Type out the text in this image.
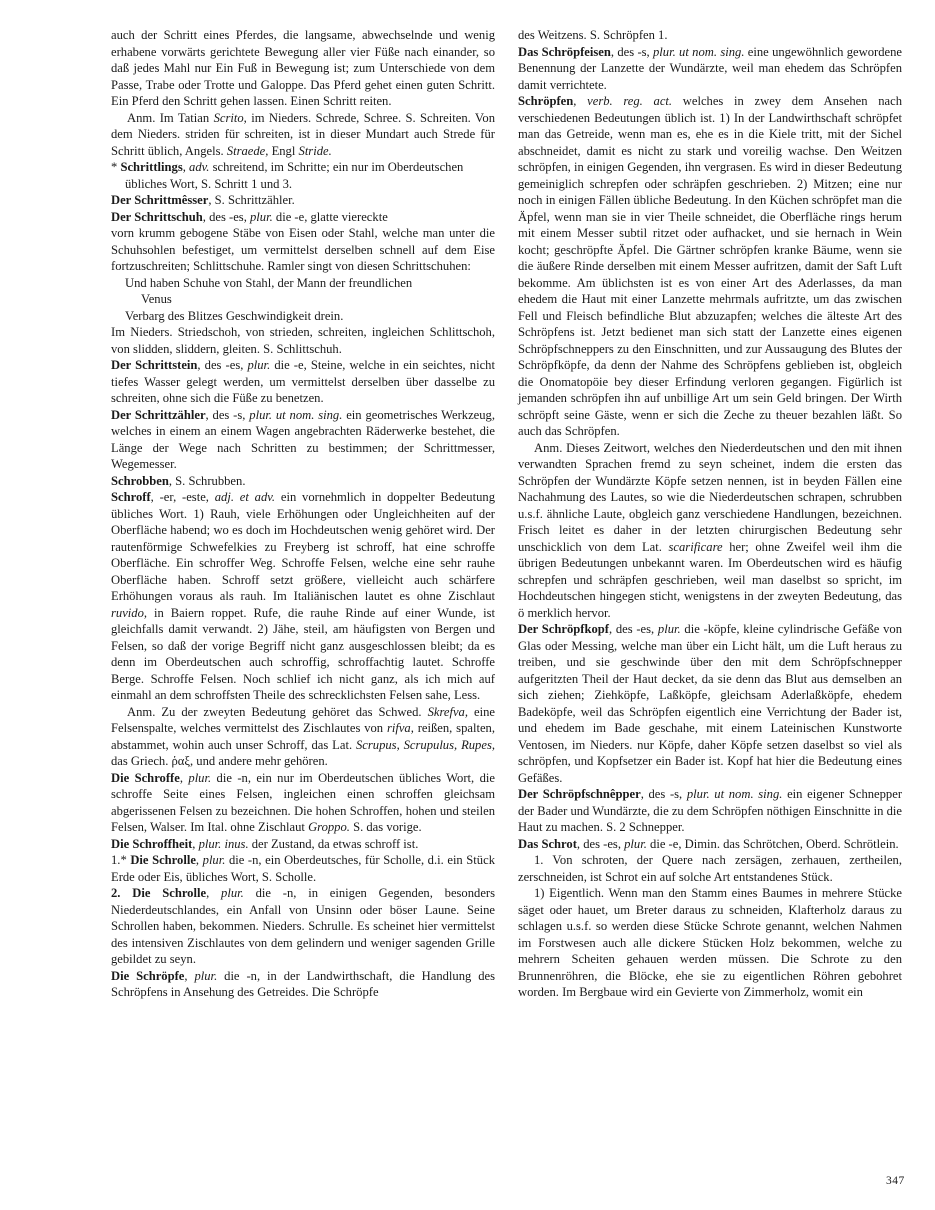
auch der Schritt eines Pferdes, die langsame, abwechselnde und wenig erhabene vorwärts gerichtete Bewegung aller vier Füße nach einander, so daß jedes Mahl nur Ein Fuß in Bewegung ist; zum Unterschiede von dem Passe, Trabe oder Trotte und Galoppe. Das Pferd gehet einen guten Schritt. Ein Pferd den Schritt gehen lassen. Einen Schritt reiten.

Anm. Im Tatian Scrito, im Nieders. Schrede, Schree. S. Schreiten. Von dem Nieders. striden für schreiten, ist in dieser Mundart auch Strede für Schritt üblich, Angels. Straede, Engl Stride.

* Schrittlings, adv. schreitend, im Schritte; ein nur im Oberdeutschen

übliches Wort, S. Schritt 1 und 3.

Der Schrittmêsser, S. Schrittzähler.

Der Schrittschuh, des -es, plur. die -e, glatte viereckte

vorn krumm gebogene Stäbe von Eisen oder Stahl, welche man unter die Schuhsohlen befestiget, um vermittelst derselben schnell auf dem Eise fortzuschreiten; Schlittschuhe. Ramler singt von diesen Schrittschuhen:

Und haben Schuhe von Stahl, der Mann der freundlichen

Venus

Verbarg des Blitzes Geschwindigkeit drein.

Im Nieders. Striedschoh, von strieden, schreiten, ingleichen Schlittschoh, von slidden, sliddern, gleiten. S. Schlittschuh.

Der Schrittstein, des -es, plur. die -e, Steine, welche in ein seichtes, nicht tiefes Wasser gelegt werden, um vermittelst derselben über dasselbe zu schreiten, ohne sich die Füße zu benetzen.

Der Schrittzähler, des -s, plur. ut nom. sing. ein geometrisches Werkzeug, welches in einem an einem Wagen angebrachten Räderwerke bestehet, die Länge der Wege nach Schritten zu bestimmen; der Schrittmesser, Wegemesser.

Schrobben, S. Schrubben.

Schroff, -er, -este, adj. et adv. ein vornehmlich in doppelter Bedeutung übliches Wort. 1) Rauh, viele Erhöhungen oder Ungleichheiten auf der Oberfläche habend; wo es doch im Hochdeutschen wenig gehöret wird. Der rautenförmige Schwefelkies zu Freyberg ist schroff, hat eine schroffe Oberfläche. Ein schroffer Weg. Schroffe Felsen, welche eine sehr rauhe Oberfläche haben. Schroff setzt größere, vielleicht auch schärfere Erhöhungen voraus als rauh. Im Italiänischen lautet es ohne Zischlaut ruvido, in Baiern roppet. Rufe, die rauhe Rinde auf einer Wunde, ist gleichfalls damit verwandt. 2) Jähe, steil, am häufigsten von Bergen und Felsen, so daß der vorige Begriff nicht ganz ausgeschlossen bleibt; da es denn im Oberdeutschen auch schroffig, schroffachtig lautet. Schroffe Berge. Schroffe Felsen. Noch schlief ich nicht ganz, als ich mich auf einmahl an dem schroffsten Theile des schrecklichsten Felsen sahe, Less.

Anm. Zu der zweyten Bedeutung gehöret das Schwed. Skrefva, eine Felsenspalte, welches vermittelst des Zischlautes von rifva, reißen, spalten, abstammet, wohin auch unser Schroff, das Lat. Scrupus, Scrupulus, Rupes, das Griech. ῥαξ, und andere mehr gehören.

Die Schroffe, plur. die -n, ein nur im Oberdeutschen übliches Wort, die schroffe Seite eines Felsen, ingleichen einen schroffen gleichsam abgerissenen Felsen zu bezeichnen. Die hohen Schroffen, hohen und steilen Felsen, Walser. Im Ital. ohne Zischlaut Groppo. S. das vorige.

Die Schroffheit, plur. inus. der Zustand, da etwas schroff ist.

1.* Die Schrolle, plur. die -n, ein Oberdeutsches, für Scholle, d.i. ein Stück Erde oder Eis, übliches Wort, S. Scholle.

2. Die Schrolle, plur. die -n, in einigen Gegenden, besonders Niederdeutschlandes, ein Anfall von Unsinn oder böser Laune. Seine Schrollen haben, bekommen. Nieders. Schrulle. Es scheinet hier vermittelst des intensiven Zischlautes von dem gelindern und weniger sagenden Grille gebildet zu seyn.

Die Schröpfe, plur. die -n, in der Landwirthschaft, die Handlung des Schröpfens in Ansehung des Getreides. Die Schröpfe

des Weitzens. S. Schröpfen 1.

Das Schröpfeisen, des -s, plur. ut nom. sing. eine ungewöhnlich gewordene Benennung der Lanzette der Wundärzte, weil man ehedem das Schröpfen damit verrichtete.

Schröpfen, verb. reg. act. welches in zwey dem Ansehen nach verschiedenen Bedeutungen üblich ist. 1) In der Landwirthschaft schröpfet man das Getreide, wenn man es, ehe es in die Kiele tritt, mit der Sichel abschneidet, damit es nicht zu stark und voreilig wachse. Den Weitzen schröpfen, in einigen Gegenden, ihn vergrasen. Es wird in dieser Bedeutung gemeiniglich schrepfen oder schräpfen geschrieben. 2) Mitzen; eine nur noch in einigen Fällen übliche Bedeutung. In den Küchen schröpfet man die Äpfel, wenn man sie in vier Theile schneidet, die Oberfläche rings herum mit einem Messer subtil ritzet oder aufhacket, und sie hernach in Wein kocht; geschröpfte Äpfel. Die Gärtner schröpfen kranke Bäume, wenn sie die äußere Rinde derselben mit einem Messer aufritzen, damit der Saft Luft bekomme. Am üblichsten ist es von einer Art des Aderlasses, da man ehedem die Haut mit einer Lanzette mehrmals aufritzte, um das zwischen Fell und Fleisch befindliche Blut abzuzapfen; welches die älteste Art des Schröpfens ist. Jetzt bedienet man sich statt der Lanzette eines eigenen Schröpfschneppers zu den Einschnitten, und zur Aussaugung des Blutes der Schröpfköpfe, da denn der Nahme des Schröpfens geblieben ist, obgleich die Onomatopöie bey dieser Erfindung verloren gegangen. Figürlich ist jemanden schröpfen ihn auf unbillige Art um sein Geld bringen. Der Wirth schröpft seine Gäste, wenn er sich die Zeche zu theuer bezahlen läßt. So auch das Schröpfen.

Anm. Dieses Zeitwort, welches den Niederdeutschen und den mit ihnen verwandten Sprachen fremd zu seyn scheinet, indem die ersten das Schröpfen der Wundärzte Köpfe setzen nennen, ist in beyden Fällen eine Nachahmung des Lautes, so wie die Niederdeutschen schrapen, schrubben u.s.f. ähnliche Laute, obgleich ganz verschiedene Handlungen, bezeichnen. Frisch leitet es daher in der letzten chirurgischen Bedeutung sehr unschicklich von dem Lat. scarificare her; ohne Zweifel weil ihm die übrigen Bedeutungen unbekannt waren. Im Oberdeutschen wird es häufig schrepfen und schräpfen geschrieben, weil man daselbst so spricht, im Hochdeutschen hingegen sticht, wenigstens in der zweyten Bedeutung, das ö merklich hervor.

Der Schröpfkopf, des -es, plur. die -köpfe, kleine cylindrische Gefäße von Glas oder Messing, welche man über ein Licht hält, um die Luft heraus zu treiben, und sie geschwinde über den mit dem Schröpfschnepper aufgeritzten Theil der Haut decket, da sie denn das Blut aus demselben an sich ziehen; Ziehköpfe, Laßköpfe, gleichsam Aderlaßköpfe, ehedem Badeköpfe, weil das Schröpfen eigentlich eine Verrichtung der Bader ist, und ehedem im Bade geschahe, mit einem Lateinischen Kunstworte Ventosen, im Nieders. nur Köpfe, daher Köpfe setzen daselbst so viel als schröpfen, und Kopfsetzer ein Bader ist. Kopf hat hier die Bedeutung eines Gefäßes.

Der Schröpfschnêpper, des -s, plur. ut nom. sing. ein eigener Schnepper der Bader und Wundärzte, die zu dem Schröpfen nöthigen Einschnitte in die Haut zu machen. S. 2 Schnepper.

Das Schrot, des -es, plur. die -e, Dimin. das Schrötchen, Oberd. Schrötlein.

1. Von schroten, der Quere nach zersägen, zerhauen, zertheilen, zerschneiden, ist Schrot ein auf solche Art entstandenes Stück.

1) Eigentlich. Wenn man den Stamm eines Baumes in mehrere Stücke säget oder hauet, um Breter daraus zu schneiden, Klafterholz daraus zu schlagen u.s.f. so werden diese Stücke Schrote genannt, welchen Nahmen im Forstwesen auch alle dickere Stücken Holz bekommen, welche zu mehrern Scheiten gehauen werden müssen. Die Schrote zu den Brunnenröhren, die Blöcke, ehe sie zu eigentlichen Röhren gebohret worden. Im Bergbaue wird ein Gevierte von Zimmerholz, womit ein

347
